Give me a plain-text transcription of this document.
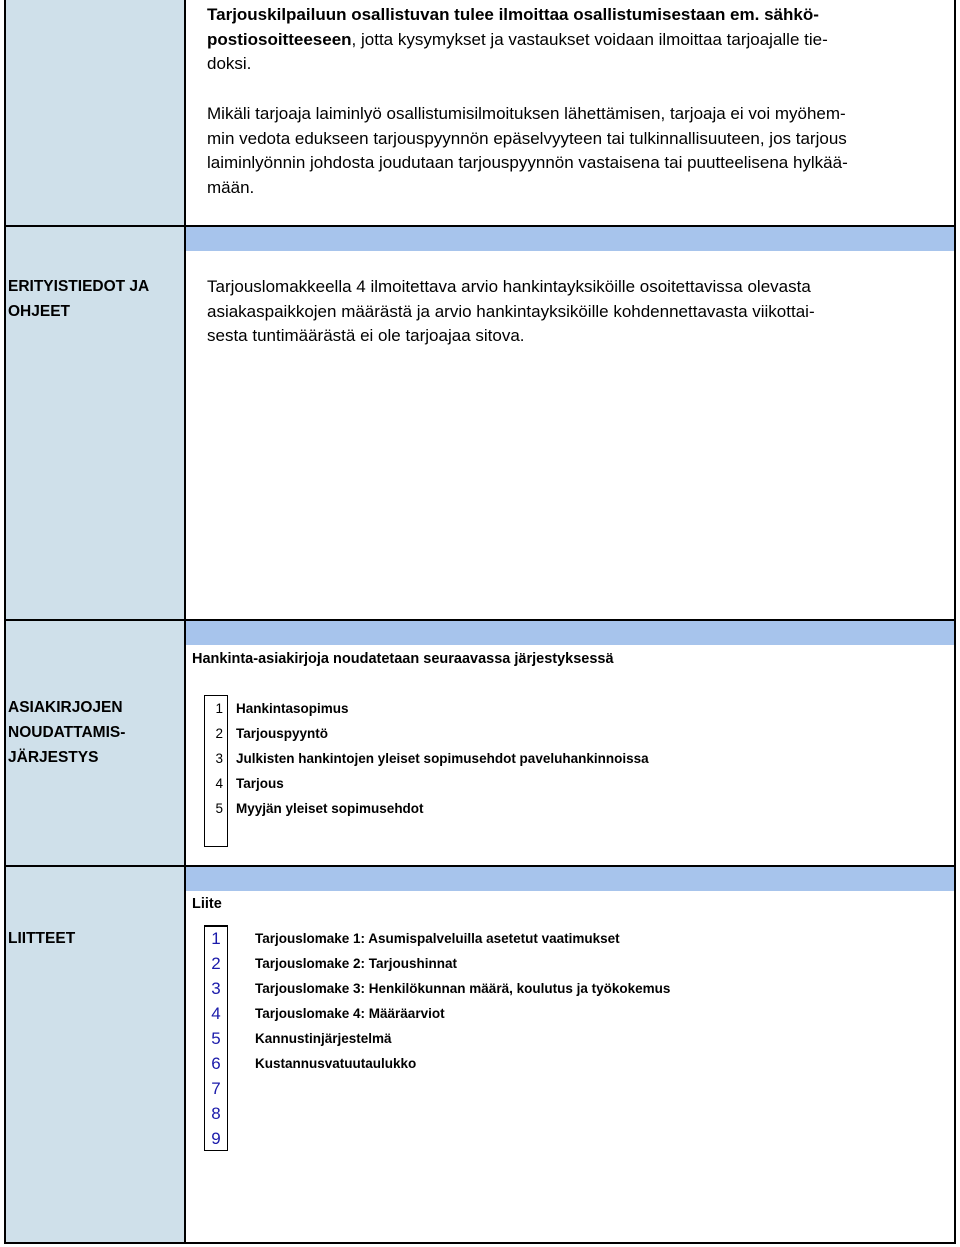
Tarjouskilpailuun osallistuvan tulee ilmoittaa osallistumisestaan em. sähkö-
postiosoitteeseen, jotta kysymykset ja vastaukset voidaan ilmoittaa tarjoajalle tie-
doksi.
Mikäli tarjoaja laiminlyö osallistumisilmoituksen lähettämisen, tarjoaja ei voi myöhem-
min vedota edukseen tarjouspyynnön epäselvyyteen tai tulkinnallisuuteen, jos tarjous
laiminlyönnin johdosta joudutaan tarjouspyynnön vastaisena tai puutteelisena hylkää-
mään.
ERITYISTIEDOT JA
OHJEET
Tarjouslomakkeella 4 ilmoitettava arvio hankintayksiköille osoitettavissa olevasta
asiakaspaikkojen määrästä ja arvio hankintayksiköille kohdennettavasta viikottai-
sesta tuntimäärästä ei ole tarjoajaa sitova.
Hankinta-asiakirjoja noudatetaan seuraavassa järjestyksessä
ASIAKIRJOJEN
NOUDATTAMIS-
JÄRJESTYS
1 Hankintasopimus
2 Tarjouspyyntö
3 Julkisten hankintojen yleiset sopimusehdot paveluhankinnoissa
4 Tarjous
5 Myyjän yleiset sopimusehdot
Liite
LIITTEET	1	Tarjouslomake 1: Asumispalveluilla asetetut vaatimukset
2	Tarjouslomake 2: Tarjoushinnat
3	Tarjouslomake 3: Henkilökunnan määrä, koulutus ja työkokemus
4	Tarjouslomake 4: Määräarviot
5	Kannustinjärjestelmä
6	Kustannusvatuutaulukko
7
8
9
